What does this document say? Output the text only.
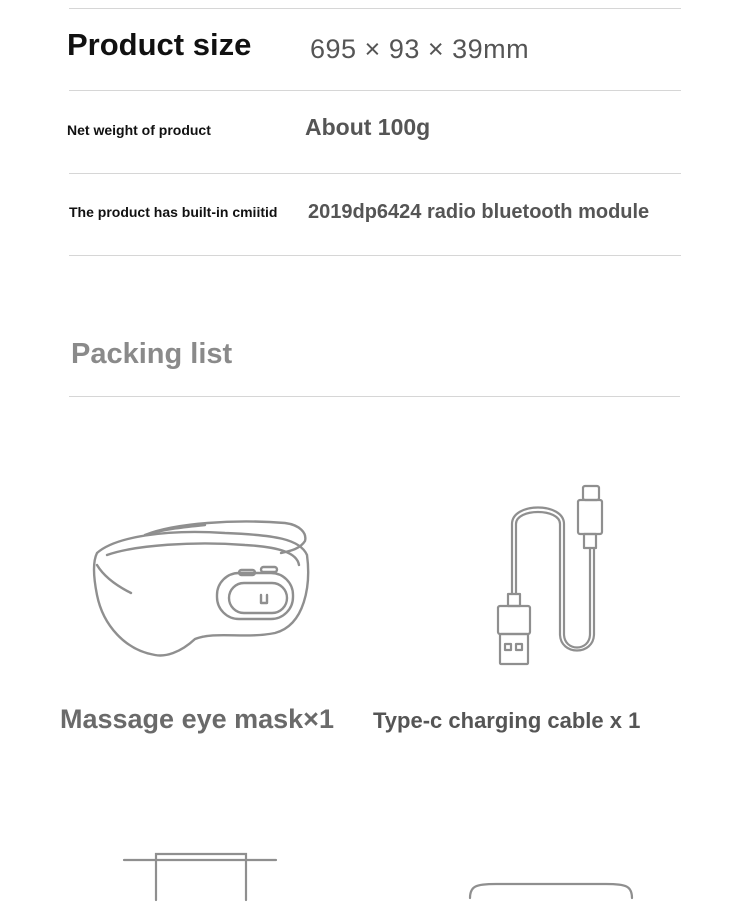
Product size 695 × 93 × 39mm
Net weight of product	About 100g
The product has built-in cmiitid 2019dp6424 radio bluetooth module
Packing list
Massage eye mask×1 Type-c charging cable x 1
